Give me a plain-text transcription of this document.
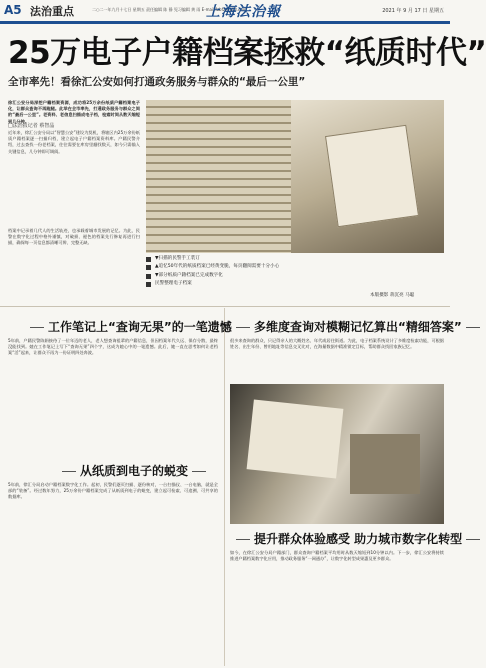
A5 法治重点	二○二一年九月十七日 星期五 责任编辑 陈 静 见习编辑 黄 雨 E-mail:fzbfz@163.com
上海法治報	2021 年 9 月 17 日 星期五
25万电子户籍档案拯救“纸质时代”
全市率先！看徐汇公安如何打通政务服务与群众的“最后一公里”
徐汇公安分局深挖户籍档案资源，成功将25万余份纸质户籍档案电子化，让群众查询不再跑腿。此举在全市率先，打通政务服务与群众之间的“最后一公里”。老资料、老信息扫描成电子档，检索时间从数天缩短到几分钟。
□法治报记者 蔡智晶
近年来，徐汇公安分局以“智慧公安”建设为契机，将辖区内25万余份纸质户籍档案逐一扫描归档，建立起电子户籍档案资料库。户籍民警介绍，过去查找一份老档案，往往需要在库房里翻找数天，如今只需输入关键信息，几分钟即可调阅。
档案中记录着几代人的生活轨迹，也承载着城市发展的记忆。为此，民警在数字化过程中格外谨慎，对破损、褪色的档案先行修复再进行扫描，确保每一页信息都清晰可辨、完整无缺。
▼扫描的民警手工装订
▲追忆50年代的纸质档案已经黄变脆，每页翻阅需要十分小心
▼部分纸质户籍档案已完成数字化
民警整理电子档案
本版摄影 蒋沉亮 马聪
工作笔记上“查询无果”的一笔遗憾
5年前，户籍民警陈娟接待了一位年迈的老人，老人想查询祖辈的户籍信息，但因档案年代久远、保存分散，最终没能找到。她在工作笔记上写下“查询无果”四个字，这成为她心中的一笔遗憾。此后，她一直在思考如何让老档案“活”起来，让群众不再为一份证明四处奔波。
从纸质到电子的蜕变
5年前，徐汇分局启动户籍档案数字化工作。起初，民警们逐页扫描、逐份核对，一台扫描仪、一台电脑，就是全部的“装备”。经过数年努力，25万余份户籍档案完成了从纸质到电子的蜕变，建立起可检索、可追溯、可共享的数据库。
多维度查询对模糊记忆算出“精细答案”
很多来查询的群众，只记得亲人的大概姓名、年代或居住街道。为此，电子档案系统设计了多维度检索功能，可根据姓名、出生年份、曾用地址等信息交叉比对，在海量数据中精准锁定目标，帮助群众找回家族记忆。
提升群众体验感受 助力城市数字化转型
如今，在徐汇公安分局户籍部门，群众查询户籍档案平均用时从数天缩短到10分钟以内。下一步，徐汇公安将持续推进户籍档案数字化应用，推动政务服务“一网通办”，让数字化转型成果惠及更多群众。
